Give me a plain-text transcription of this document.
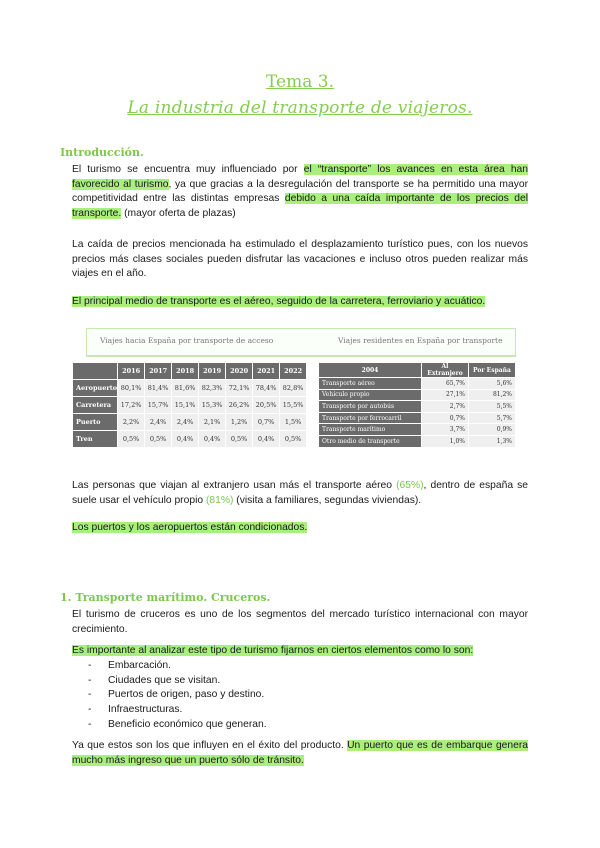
Tema 3.
La industria del transporte de viajeros.
Introducción.
El turismo se encuentra muy influenciado por el “transporte” los avances en esta área han favorecido al turismo, ya que gracias a la desregulación del transporte se ha permitido una mayor competitividad entre las distintas empresas debido a una caída importante de los precios del transporte. (mayor oferta de plazas)
La caída de precios mencionada ha estimulado el desplazamiento turístico pues, con los nuevos precios más clases sociales pueden disfrutar las vacaciones e incluso otros pueden realizar más viajes en el año.
El principal medio de transporte es el aéreo, seguido de la carretera, ferroviario y acuático.
Viajes hacia España por transporte de acceso	Viajes residentes en España por transporte
	2016	2017	2018	2019	2020	2021	2022
Aeropuerto	80,1%	81,4%	81,6%	82,3%	72,1%	78,4%	82,8%
Carretera	17,2%	15,7%	15,1%	15,3%	26,2%	20,5%	15,5%
Puerto	2,2%	2,4%	2,4%	2,1%	1,2%	0,7%	1,5%
Tren	0,5%	0,5%	0,4%	0,4%	0,5%	0,4%	0,5%
2004	Al Extranjero	Por España
Transporte aéreo	65,7%	5,6%
Vehículo propio	27,1%	81,2%
Transporte por autobús	2,7%	5,5%
Transporte por ferrocarril	0,7%	5,7%
Transporte marítimo	3,7%	0,9%
Otro medio de transporte	1,0%	1,3%
Las personas que viajan al extranjero usan más el transporte aéreo (65%), dentro de españa se suele usar el vehículo propio (81%) (visita a familiares, segundas viviendas).
Los puertos y los aeropuertos están condicionados.
1. Transporte marítimo. Cruceros.
El turismo de cruceros es uno de los segmentos del mercado turístico internacional con mayor crecimiento.
Es importante al analizar este tipo de turismo fijarnos en ciertos elementos como lo son:
- Embarcación.
- Ciudades que se visitan.
- Puertos de origen, paso y destino.
- Infraestructuras.
- Beneficio económico que generan.
Ya que estos son los que influyen en el éxito del producto. Un puerto que es de embarque genera mucho más ingreso que un puerto sólo de tránsito.
